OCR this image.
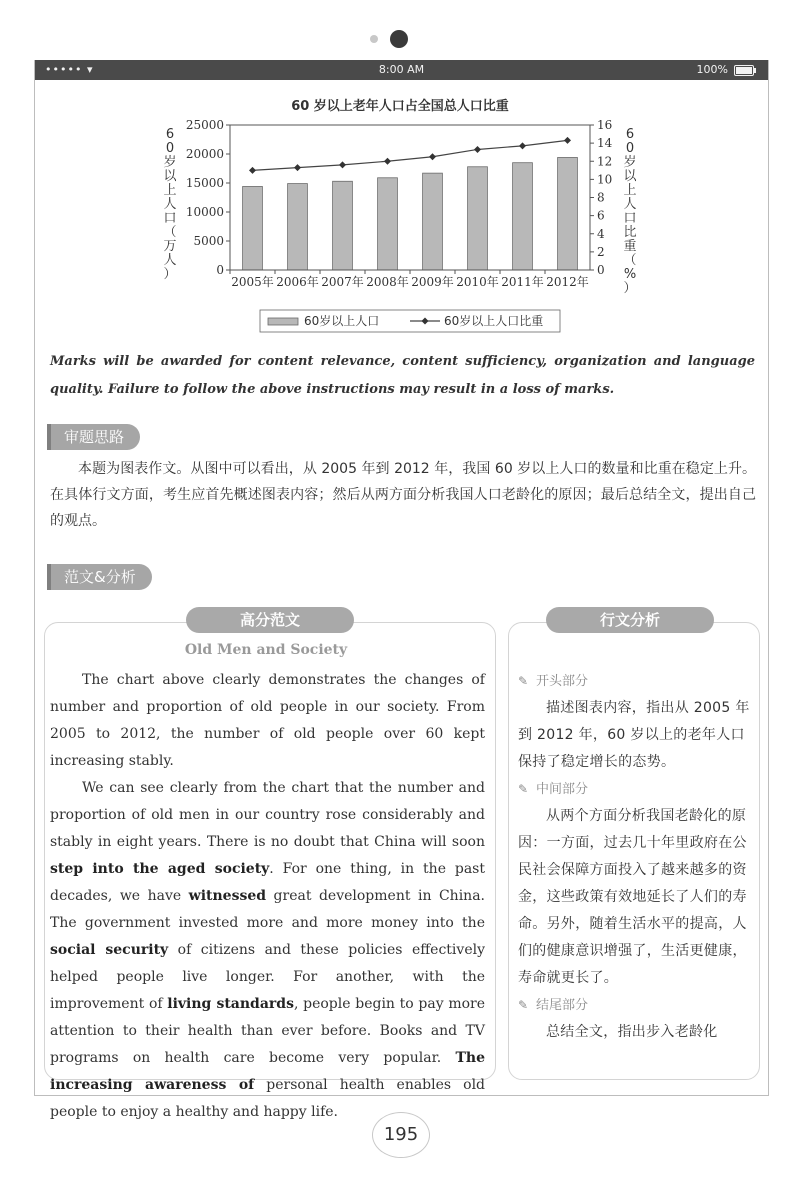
••••• ▾	8:00 AM	100%
60 岁以上老年人口占全国总人口比重
0
5000
10000
15000
20000
25000
0
2
4
6
8
10
12
14
16
2005年 2006年 2007年 2008年 2009年 2010年 2011年 2012年
6
0
岁
以
上
人
口
（
万
人
）
6
0
岁
以
上
人
口
比
重
（
%
）
60岁以上人口	60岁以上人口比重
Marks will be awarded for content relevance, content sufficiency, organization and language quality. Failure to follow the above instructions may result in a loss of marks.
审题思路
本题为图表作文。从图中可以看出，从 2005 年到 2012 年，我国 60 岁以上人口的数量和比重在稳定上升。在具体行文方面，考生应首先概述图表内容；然后从两方面分析我国人口老龄化的原因；最后总结全文，提出自己的观点。
范文&分析
高分范文	行文分析
Old Men and Society

The chart above clearly demonstrates the changes of number and proportion of old people in our society. From 2005 to 2012, the number of old people over 60 kept increasing stably.

We can see clearly from the chart that the number and proportion of old men in our country rose considerably and stably in eight years. There is no doubt that China will soon step into the aged society. For one thing, in the past decades, we have witnessed great development in China. The government invested more and more money into the social security of citizens and these policies effectively helped people live longer. For another, with the improvement of living standards, people begin to pay more attention to their health than ever before. Books and TV programs on health care become very popular. The increasing awareness of personal health enables old people to enjoy a healthy and happy life.

✎ 开头部分
描述图表内容，指出从 2005 年到 2012 年，60 岁以上的老年人口保持了稳定增长的态势。
✎ 中间部分
从两个方面分析我国老龄化的原因：一方面，过去几十年里政府在公民社会保障方面投入了越来越多的资金，这些政策有效地延长了人们的寿命。另外，随着生活水平的提高，人们的健康意识增强了，生活更健康，寿命就更长了。
✎ 结尾部分
总结全文，指出步入老龄化
195
